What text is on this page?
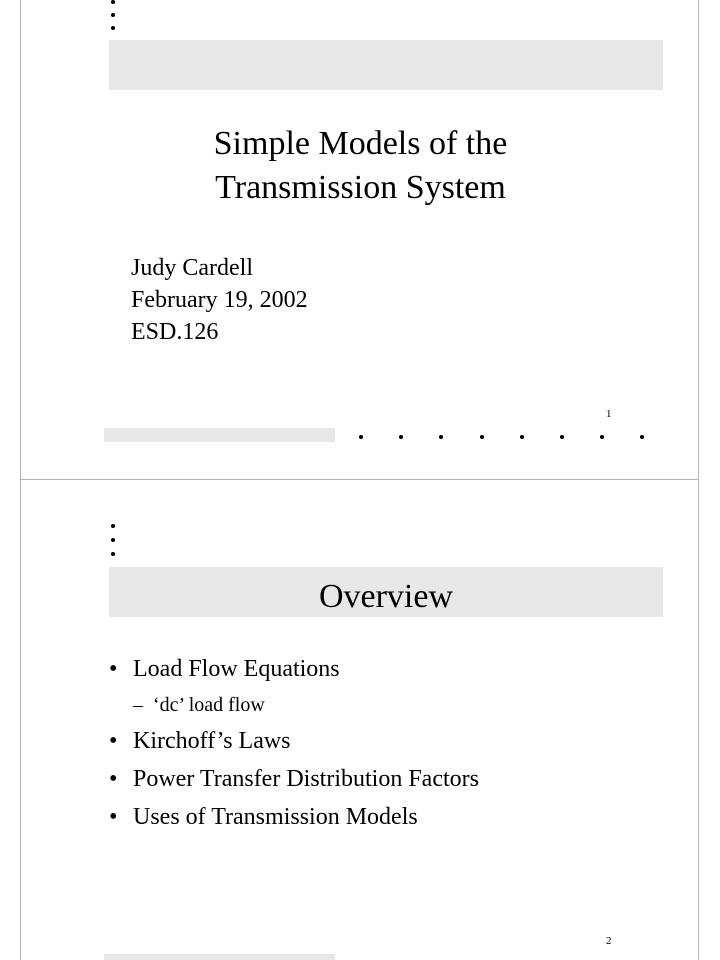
Simple Models of the
Transmission System
Judy Cardell
February 19, 2002
ESD.126
1
Overview
• Load Flow Equations
– ‘dc’ load flow
• Kirchoff’s Laws
• Power Transfer Distribution Factors
• Uses of Transmission Models
2
